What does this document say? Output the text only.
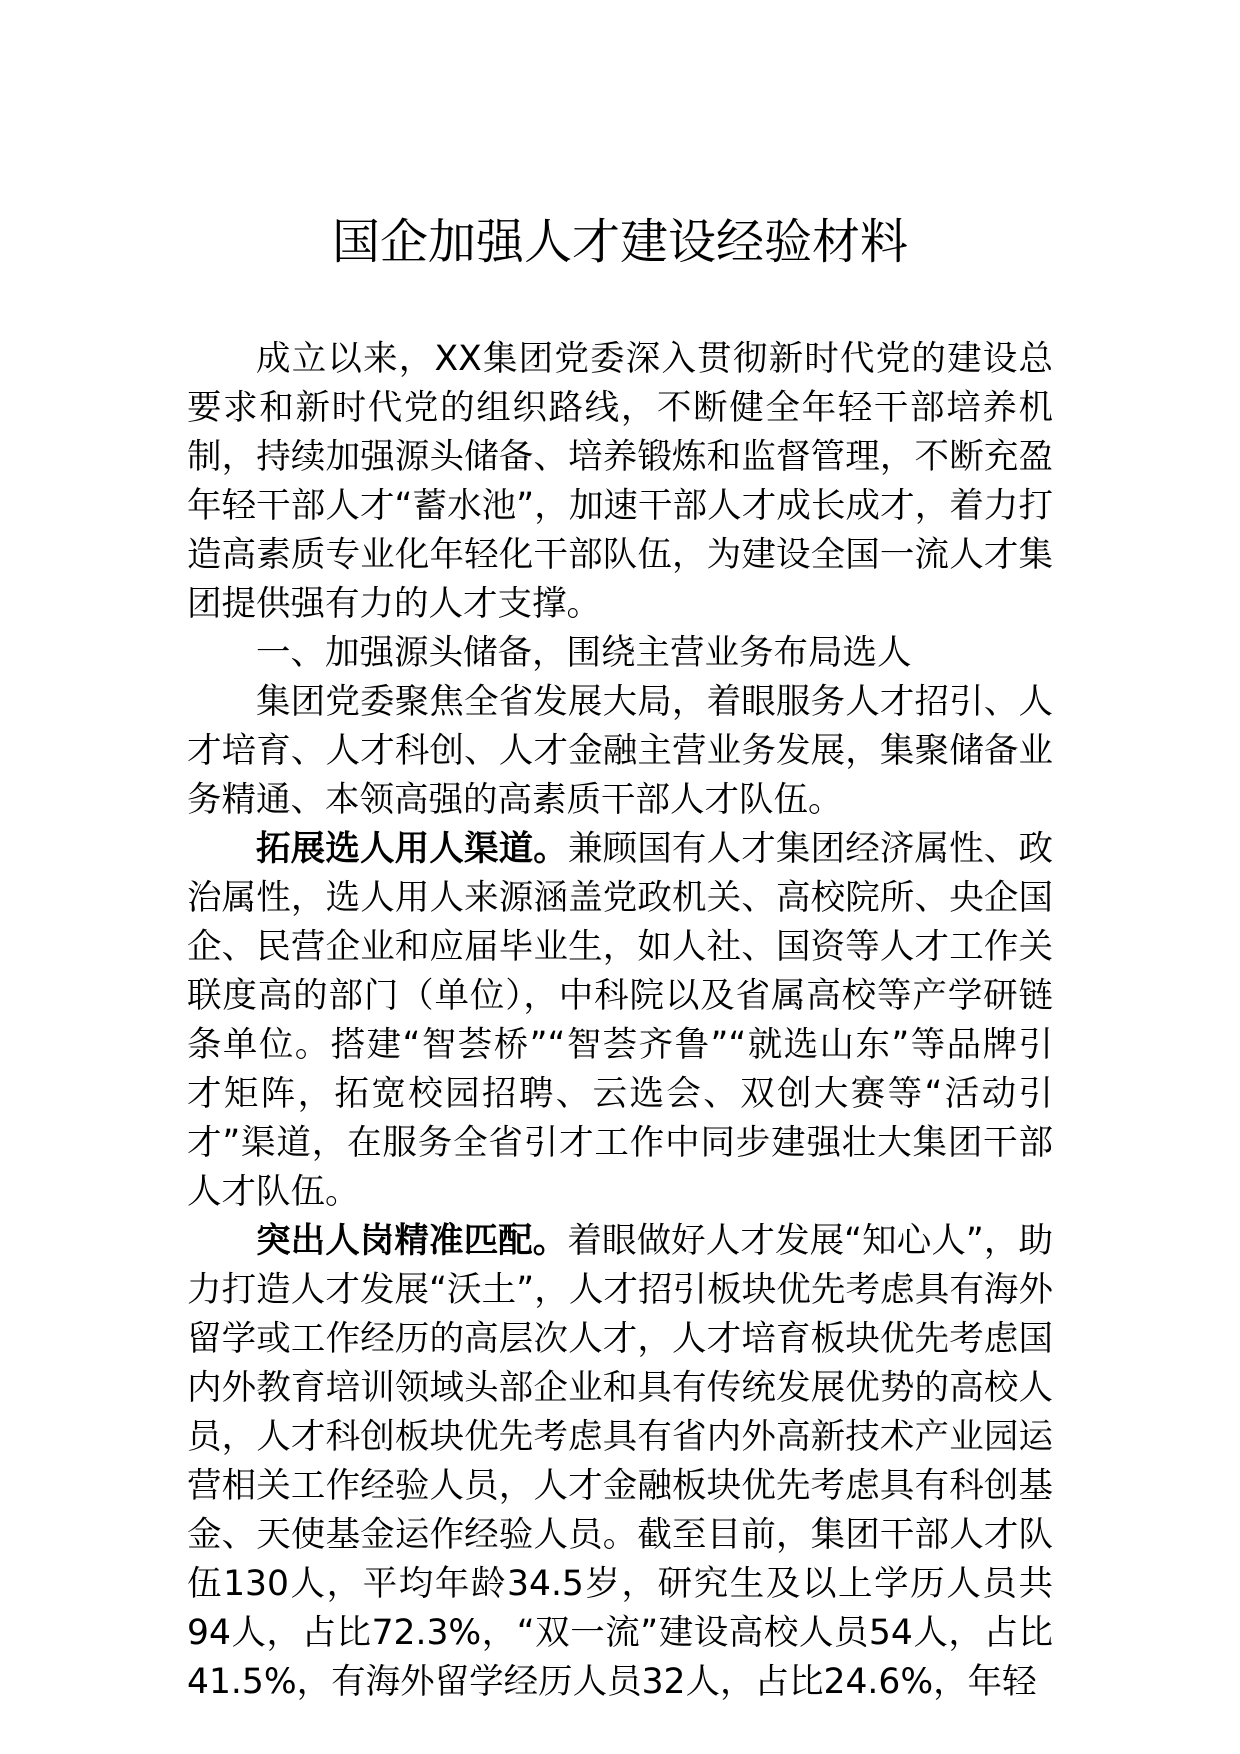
国企加强人才建设经验材料

成立以来，XX集团党委深入贯彻新时代党的建设总要求和新时代党的组织路线，不断健全年轻干部培养机制，持续加强源头储备、培养锻炼和监督管理，不断充盈年轻干部人才“蓄水池”，加速干部人才成长成才，着力打造高素质专业化年轻化干部队伍，为建设全国一流人才集团提供强有力的人才支撑。

一、加强源头储备，围绕主营业务布局选人

集团党委聚焦全省发展大局，着眼服务人才招引、人才培育、人才科创、人才金融主营业务发展，集聚储备业务精通、本领高强的高素质干部人才队伍。

拓展选人用人渠道。兼顾国有人才集团经济属性、政治属性，选人用人来源涵盖党政机关、高校院所、央企国企、民营企业和应届毕业生，如人社、国资等人才工作关联度高的部门（单位），中科院以及省属高校等产学研链条单位。搭建“智荟桥”“智荟齐鲁”“就选山东”等品牌引才矩阵，拓宽校园招聘、云选会、双创大赛等“活动引才”渠道，在服务全省引才工作中同步建强壮大集团干部人才队伍。

突出人岗精准匹配。着眼做好人才发展“知心人”，助力打造人才发展“沃土”，人才招引板块优先考虑具有海外留学或工作经历的高层次人才，人才培育板块优先考虑国内外教育培训领域头部企业和具有传统发展优势的高校人员，人才科创板块优先考虑具有省内外高新技术产业园运营相关工作经验人员，人才金融板块优先考虑具有科创基金、天使基金运作经验人员。截至目前，集团干部人才队伍130人，平均年龄34.5岁，研究生及以上学历人员共94人，占比72.3%，“双一流”建设高校人员54人，占比41.5%，有海外留学经历人员32人，占比24.6%，年轻
